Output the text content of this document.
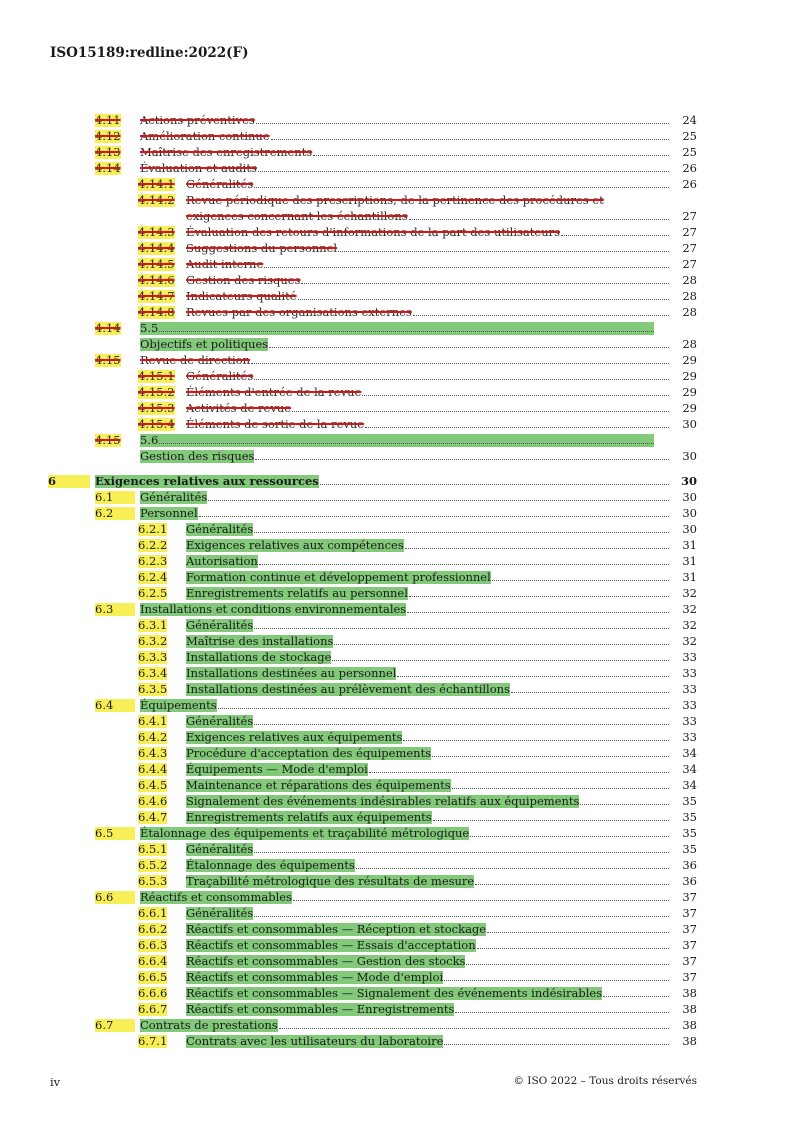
ISO15189:redline:2022(F)
4.11 Actions préventives	24
4.12 Amélioration continue	25
4.13 Maîtrise des enregistrements	25
4.14 Évaluation et audits	26
4.14.1 Généralités	26
4.14.2 Revue périodique des prescriptions, de la pertinence des procédures et
exigences concernant les échantillons	27
4.14.3 Évaluation des retours d'informations de la part des utilisateurs	27
4.14.4 Suggestions du personnel	27
4.14.5 Audit interne	27
4.14.6 Gestion des risques	28
4.14.7 Indicateurs qualité	28
4.14.8 Revues par des organisations externes	28
4.14 5.5
Objectifs et politiques	28
4.15 Revue de direction	29
4.15.1 Généralités	29
4.15.2 Éléments d'entrée de la revue	29
4.15.3 Activités de revue	29
4.15.4 Éléments de sortie de la revue	30
4.15 5.6
Gestion des risques	30
6	Exigences relatives aux ressources	30
6.1	Généralités	30
6.2	Personnel	30
6.2.1 Généralités	30
6.2.2 Exigences relatives aux compétences	31
6.2.3 Autorisation	31
6.2.4 Formation continue et développement professionnel	31
6.2.5 Enregistrements relatifs au personnel	32
6.3	Installations et conditions environnementales	32
6.3.1 Généralités	32
6.3.2 Maîtrise des installations	32
6.3.3 Installations de stockage	33
6.3.4 Installations destinées au personnel	33
6.3.5 Installations destinées au prélèvement des échantillons	33
6.4	Équipements	33
6.4.1 Généralités	33
6.4.2 Exigences relatives aux équipements	33
6.4.3 Procédure d'acceptation des équipements	34
6.4.4 Équipements — Mode d'emploi	34
6.4.5 Maintenance et réparations des équipements	34
6.4.6 Signalement des événements indésirables relatifs aux équipements	35
6.4.7 Enregistrements relatifs aux équipements	35
6.5	Étalonnage des équipements et traçabilité métrologique	35
6.5.1 Généralités	35
6.5.2 Étalonnage des équipements	36
6.5.3 Traçabilité métrologique des résultats de mesure	36
6.6	Réactifs et consommables	37
6.6.1 Généralités	37
6.6.2 Réactifs et consommables — Réception et stockage	37
6.6.3 Réactifs et consommables — Essais d'acceptation	37
6.6.4 Réactifs et consommables — Gestion des stocks	37
6.6.5 Réactifs et consommables — Mode d'emploi	37
6.6.6 Réactifs et consommables — Signalement des événements indésirables	38
6.6.7 Réactifs et consommables — Enregistrements	38
6.7	Contrats de prestations	38
6.7.1 Contrats avec les utilisateurs du laboratoire	38
iv	© ISO 2022 – Tous droits réservés
